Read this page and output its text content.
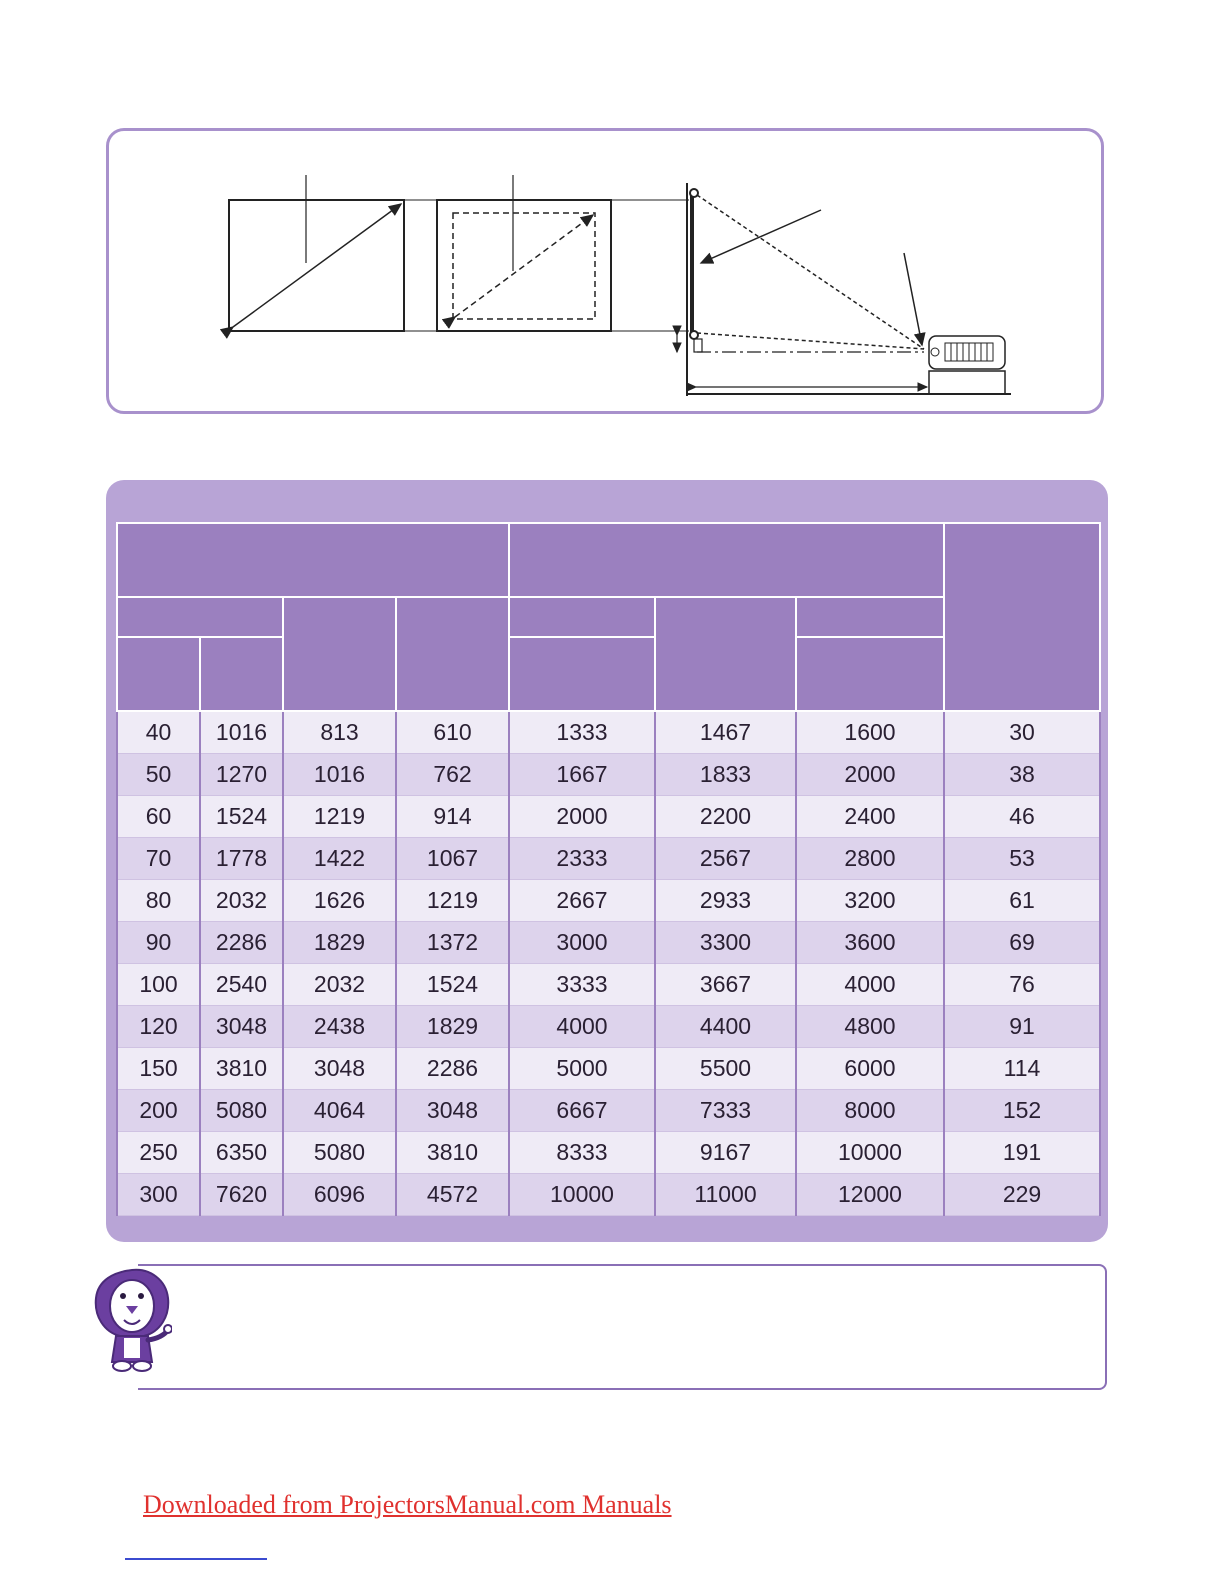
40	1016	813	610	1333	1467	1600	30
50	1270	1016	762	1667	1833	2000	38
60	1524	1219	914	2000	2200	2400	46
70	1778	1422	1067	2333	2567	2800	53
80	2032	1626	1219	2667	2933	3200	61
90	2286	1829	1372	3000	3300	3600	69
100	2540	2032	1524	3333	3667	4000	76
120	3048	2438	1829	4000	4400	4800	91
150	3810	3048	2286	5000	5500	6000	114
200	5080	4064	3048	6667	7333	8000	152
250	6350	5080	3810	8333	9167	10000	191
300	7620	6096	4572	10000	11000	12000	229
Downloaded from ProjectorsManual.com Manuals
